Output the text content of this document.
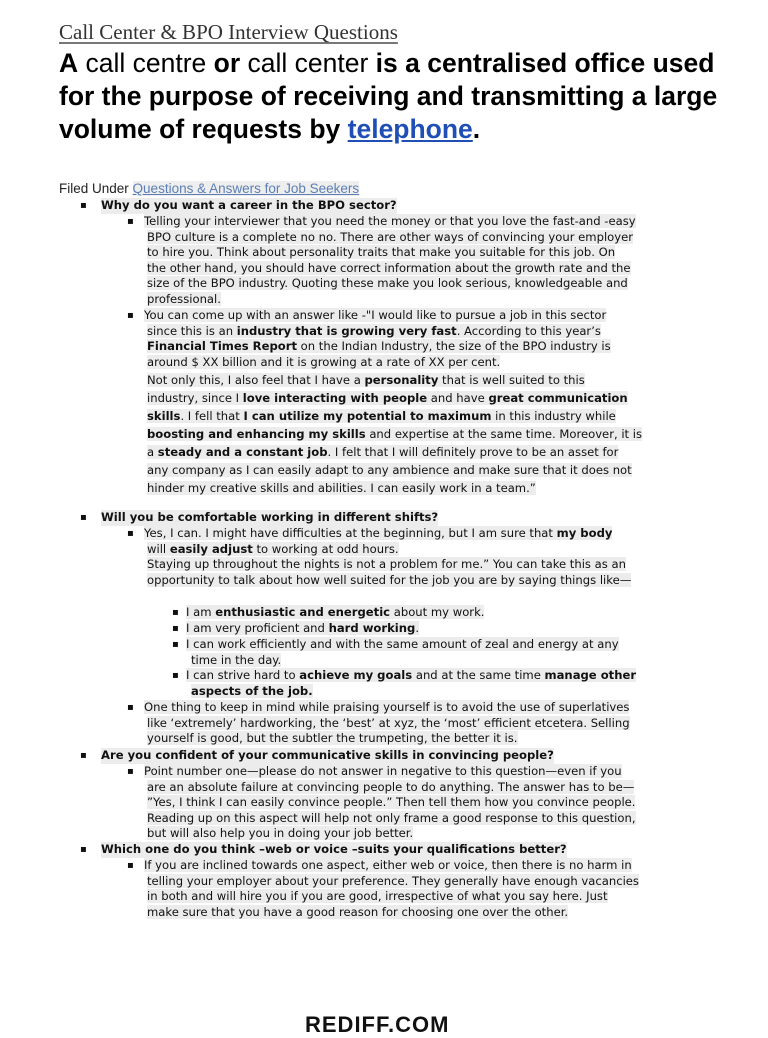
Call Center & BPO Interview Questions
A call centre or call center is a centralised office used for the purpose of receiving and transmitting a large volume of requests by telephone.
Filed Under Questions & Answers for Job Seekers
▪ Why do you want a career in the BPO sector?
▪ Telling your interviewer that you need the money or that you love the fast-and -easy
BPO culture is a complete no no. There are other ways of convincing your employer
to hire you. Think about personality traits that make you suitable for this job. On
the other hand, you should have correct information about the growth rate and the
size of the BPO industry. Quoting these make you look serious, knowledgeable and
professional.
▪ You can come up with an answer like -"I would like to pursue a job in this sector
since this is an industry that is growing very fast. According to this year’s
Financial Times Report on the Indian Industry, the size of the BPO industry is
around $ XX billion and it is growing at a rate of XX per cent.
Not only this, I also feel that I have a personality that is well suited to this
industry, since I love interacting with people and have great communication
skills. I fell that I can utilize my potential to maximum in this industry while
boosting and enhancing my skills and expertise at the same time. Moreover, it is
a steady and a constant job. I felt that I will definitely prove to be an asset for
any company as I can easily adapt to any ambience and make sure that it does not
hinder my creative skills and abilities. I can easily work in a team.”
▪ Will you be comfortable working in different shifts?
▪ Yes, I can. I might have difficulties at the beginning, but I am sure that my body
will easily adjust to working at odd hours.
Staying up throughout the nights is not a problem for me.” You can take this as an
opportunity to talk about how well suited for the job you are by saying things like—
▪ I am enthusiastic and energetic about my work.
▪ I am very proficient and hard working.
▪ I can work efficiently and with the same amount of zeal and energy at any
time in the day.
▪ I can strive hard to achieve my goals and at the same time manage other
aspects of the job.
▪ One thing to keep in mind while praising yourself is to avoid the use of superlatives
like ‘extremely’ hardworking, the ‘best’ at xyz, the ‘most’ efficient etcetera. Selling
yourself is good, but the subtler the trumpeting, the better it is.
▪ Are you confident of your communicative skills in convincing people?
▪ Point number one—please do not answer in negative to this question—even if you
are an absolute failure at convincing people to do anything. The answer has to be—
”Yes, I think I can easily convince people.” Then tell them how you convince people.
Reading up on this aspect will help not only frame a good response to this question,
but will also help you in doing your job better.
▪ Which one do you think –web or voice –suits your qualifications better?
▪ If you are inclined towards one aspect, either web or voice, then there is no harm in
telling your employer about your preference. They generally have enough vacancies
in both and will hire you if you are good, irrespective of what you say here. Just
make sure that you have a good reason for choosing one over the other.
REDIFF.COM
